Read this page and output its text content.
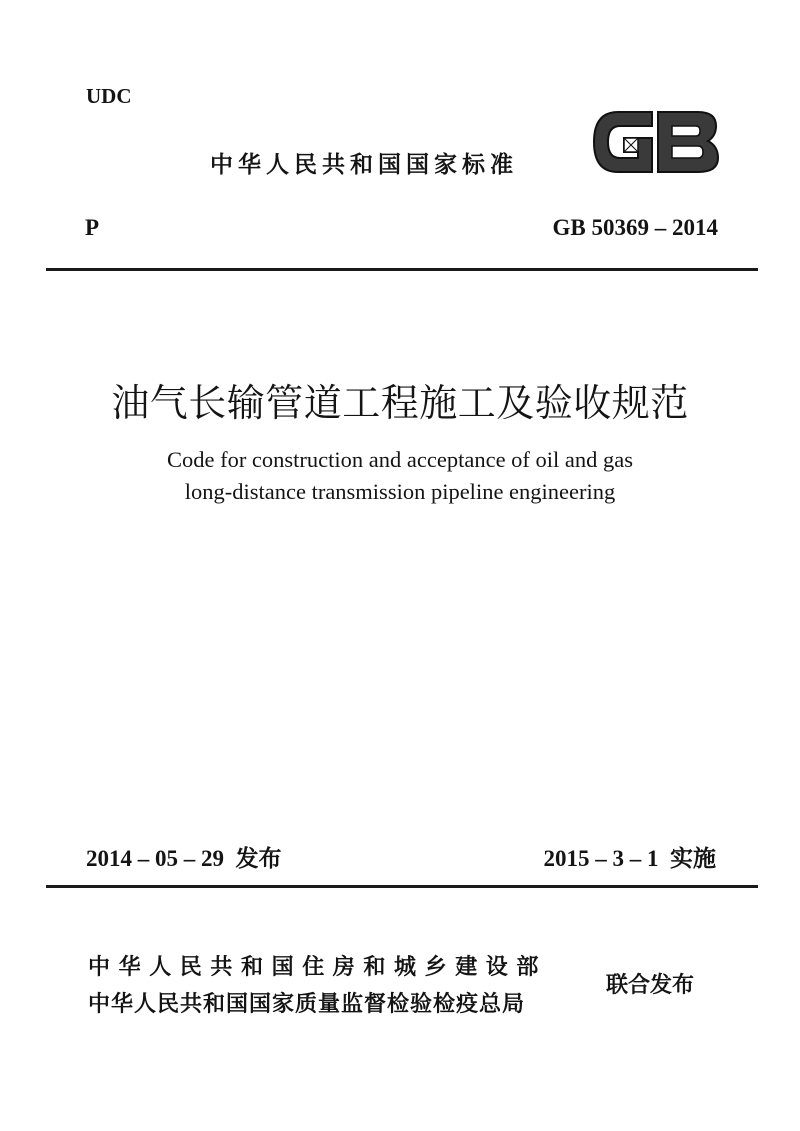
UDC
中华人民共和国国家标准
P	GB 50369 – 2014
油气长输管道工程施工及验收规范
Code for construction and acceptance of oil and gas
long-distance transmission pipeline engineering
2014 – 05 – 29  发布	2015 – 3 – 1  实施
中华人民共和国住房和城乡建设部
中华人民共和国国家质量监督检验检疫总局
联合发布
